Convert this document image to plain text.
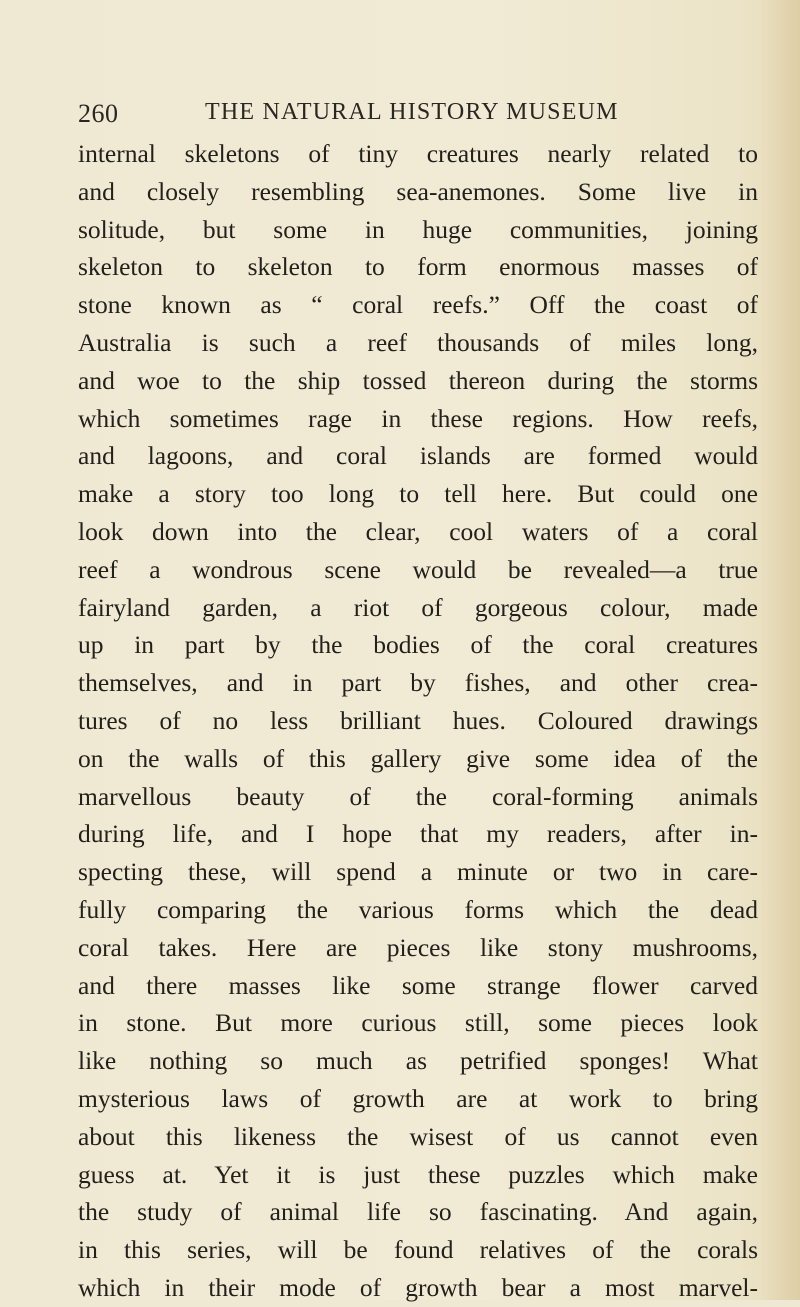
260	THE NATURAL HISTORY MUSEUM
internal skeletons of tiny creatures nearly related to
and closely resembling sea-anemones. Some live in
solitude, but some in huge communities, joining
skeleton to skeleton to form enormous masses of
stone known as “ coral reefs.” Off the coast of
Australia is such a reef thousands of miles long,
and woe to the ship tossed thereon during the storms
which sometimes rage in these regions. How reefs,
and lagoons, and coral islands are formed would
make a story too long to tell here. But could one
look down into the clear, cool waters of a coral
reef a wondrous scene would be revealed—a true
fairyland garden, a riot of gorgeous colour, made
up in part by the bodies of the coral creatures
themselves, and in part by fishes, and other crea-
tures of no less brilliant hues. Coloured drawings
on the walls of this gallery give some idea of the
marvellous beauty of the coral-forming animals
during life, and I hope that my readers, after in-
specting these, will spend a minute or two in care-
fully comparing the various forms which the dead
coral takes. Here are pieces like stony mushrooms,
and there masses like some strange flower carved
in stone. But more curious still, some pieces look
like nothing so much as petrified sponges! What
mysterious laws of growth are at work to bring
about this likeness the wisest of us cannot even
guess at. Yet it is just these puzzles which make
the study of animal life so fascinating. And again,
in this series, will be found relatives of the corals
which in their mode of growth bear a most marvel-
